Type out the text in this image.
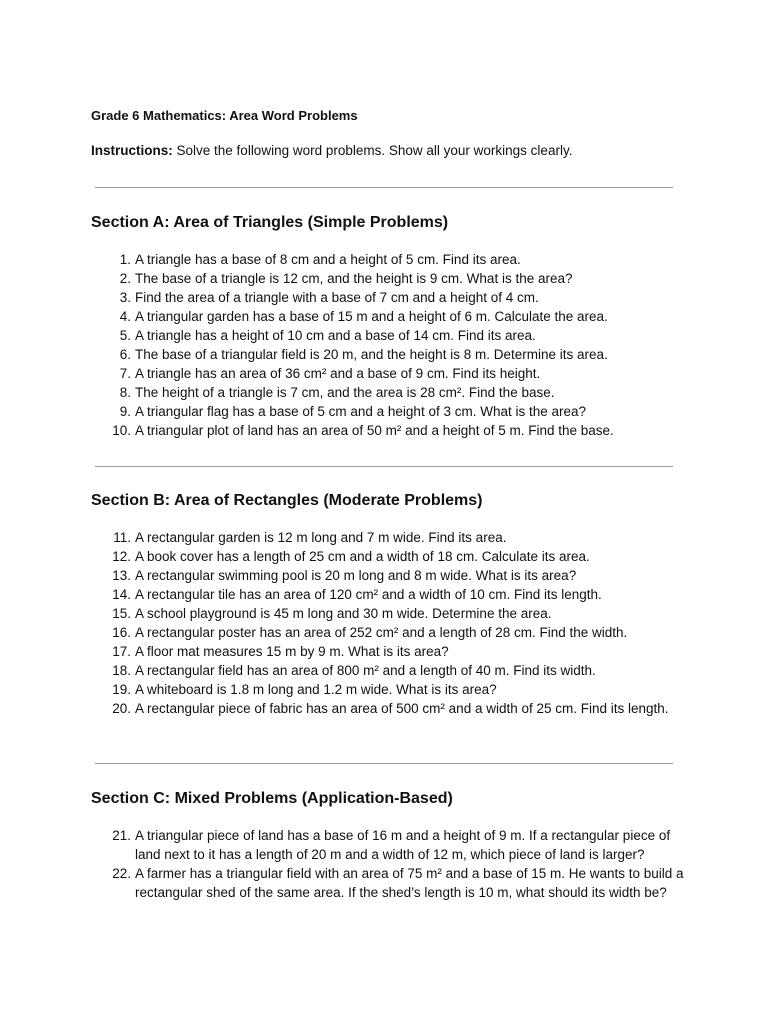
Grade 6 Mathematics: Area Word Problems

Instructions: Solve the following word problems. Show all your workings clearly.

Section A: Area of Triangles (Simple Problems)
1. A triangle has a base of 8 cm and a height of 5 cm. Find its area.
2. The base of a triangle is 12 cm, and the height is 9 cm. What is the area?
3. Find the area of a triangle with a base of 7 cm and a height of 4 cm.
4. A triangular garden has a base of 15 m and a height of 6 m. Calculate the area.
5. A triangle has a height of 10 cm and a base of 14 cm. Find its area.
6. The base of a triangular field is 20 m, and the height is 8 m. Determine its area.
7. A triangle has an area of 36 cm² and a base of 9 cm. Find its height.
8. The height of a triangle is 7 cm, and the area is 28 cm². Find the base.
9. A triangular flag has a base of 5 cm and a height of 3 cm. What is the area?
10. A triangular plot of land has an area of 50 m² and a height of 5 m. Find the base.
Section B: Area of Rectangles (Moderate Problems)
11. A rectangular garden is 12 m long and 7 m wide. Find its area.
12. A book cover has a length of 25 cm and a width of 18 cm. Calculate its area.
13. A rectangular swimming pool is 20 m long and 8 m wide. What is its area?
14. A rectangular tile has an area of 120 cm² and a width of 10 cm. Find its length.
15. A school playground is 45 m long and 30 m wide. Determine the area.
16. A rectangular poster has an area of 252 cm² and a length of 28 cm. Find the width.
17. A floor mat measures 15 m by 9 m. What is its area?
18. A rectangular field has an area of 800 m² and a length of 40 m. Find its width.
19. A whiteboard is 1.8 m long and 1.2 m wide. What is its area?
20. A rectangular piece of fabric has an area of 500 cm² and a width of 25 cm. Find its length.
Section C: Mixed Problems (Application-Based)
21. A triangular piece of land has a base of 16 m and a height of 9 m. If a rectangular piece of land next to it has a length of 20 m and a width of 12 m, which piece of land is larger?
22. A farmer has a triangular field with an area of 75 m² and a base of 15 m. He wants to build a rectangular shed of the same area. If the shed’s length is 10 m, what should its width be?
